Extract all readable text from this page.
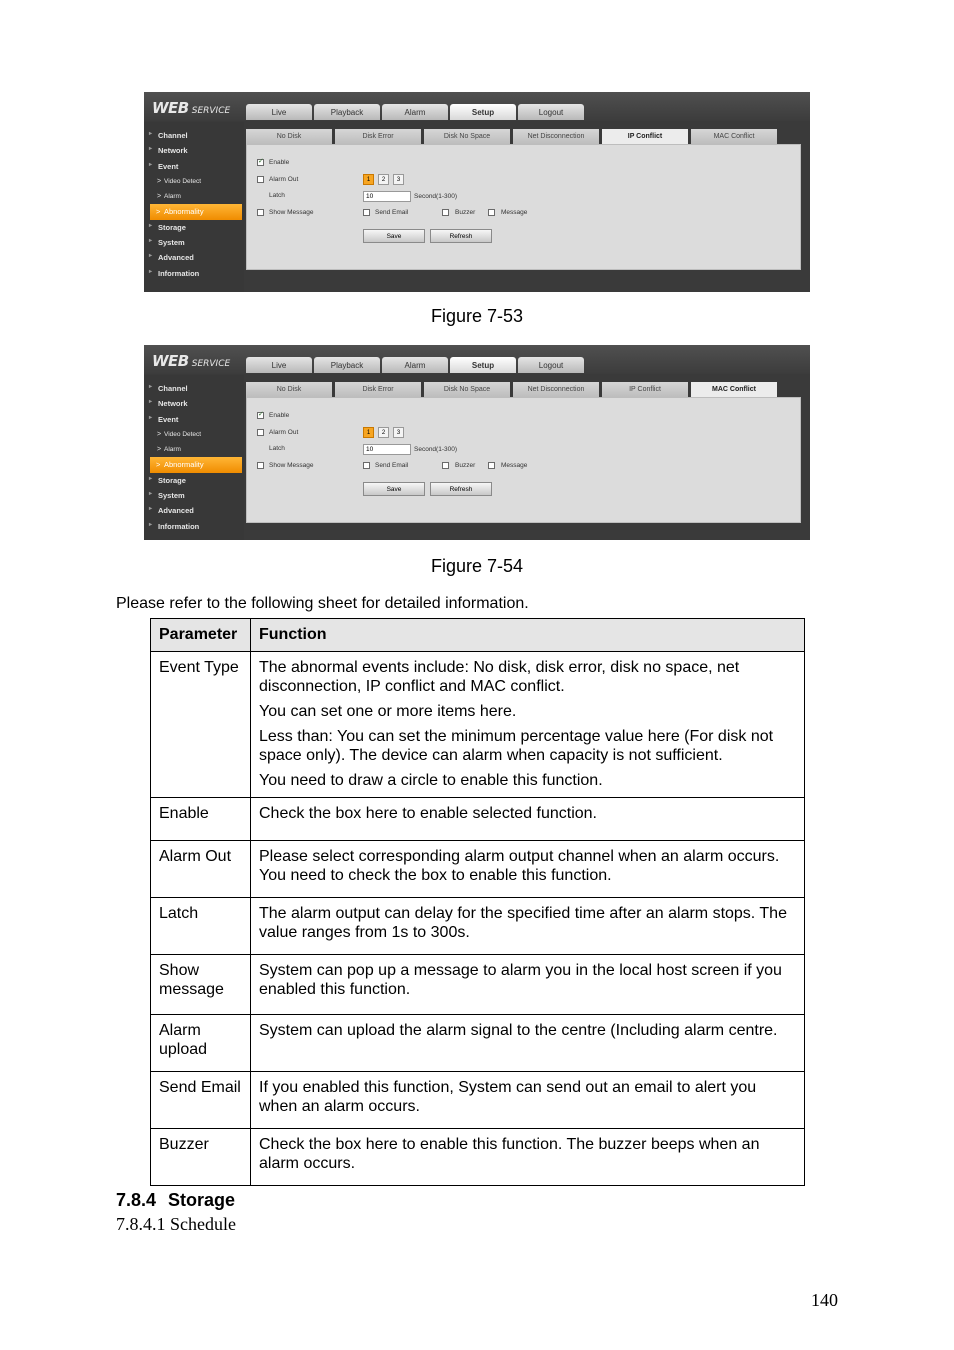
WEB SERVICE	Live	Playback	Alarm	Setup	Logout
▸ Channel
▸ Network
▸ Event
> Video Detect
> Alarm
> Abnormality
▸ Storage
▸ System
▸ Advanced
▸ Information
No Disk	Disk Error	Disk No Space	Net Disconnection	IP Conflict	MAC Conflict
✓
Enable
Alarm Out	1	2	3
Latch	10	Second(1-300)
Show Message	Send Email	Buzzer	Message
Save	Refresh
Figure 7-53
WEB SERVICE	Live	Playback	Alarm	Setup	Logout
▸ Channel
▸ Network
▸ Event
> Video Detect
> Alarm
> Abnormality
▸ Storage
▸ System
▸ Advanced
▸ Information
No Disk	Disk Error	Disk No Space	Net Disconnection	IP Conflict	MAC Conflict
✓
Enable
Alarm Out	1	2	3
Latch	10	Second(1-300)
Show Message	Send Email	Buzzer	Message
Save	Refresh
Figure 7-54
Please refer to the following sheet for detailed information.
Parameter	Function
Event Type	The abnormal events include: No disk, disk error, disk no space, net disconnection, IP conflict and MAC conflict.

You can set one or more items here.

Less than: You can set the minimum percentage value here (For disk not space only). The device can alarm when capacity is not sufficient.

You need to draw a circle to enable this function.

Enable	Check the box here to enable selected function.

Alarm Out	Please select corresponding alarm output channel when an alarm occurs. You need to check the box to enable this function.

Latch	The alarm output can delay for the specified time after an alarm stops. The value ranges from 1s to 300s.

Show message	System can pop up a message to alarm you in the local host screen if you enabled this function.

Alarm upload	System can upload the alarm signal to the centre (Including alarm centre.

Send Email	If you enabled this function, System can send out an email to alert you when an alarm occurs.

Buzzer	Check the box here to enable this function. The buzzer beeps when an alarm occurs.

7.8.4 Storage
7.8.4.1 Schedule
140
